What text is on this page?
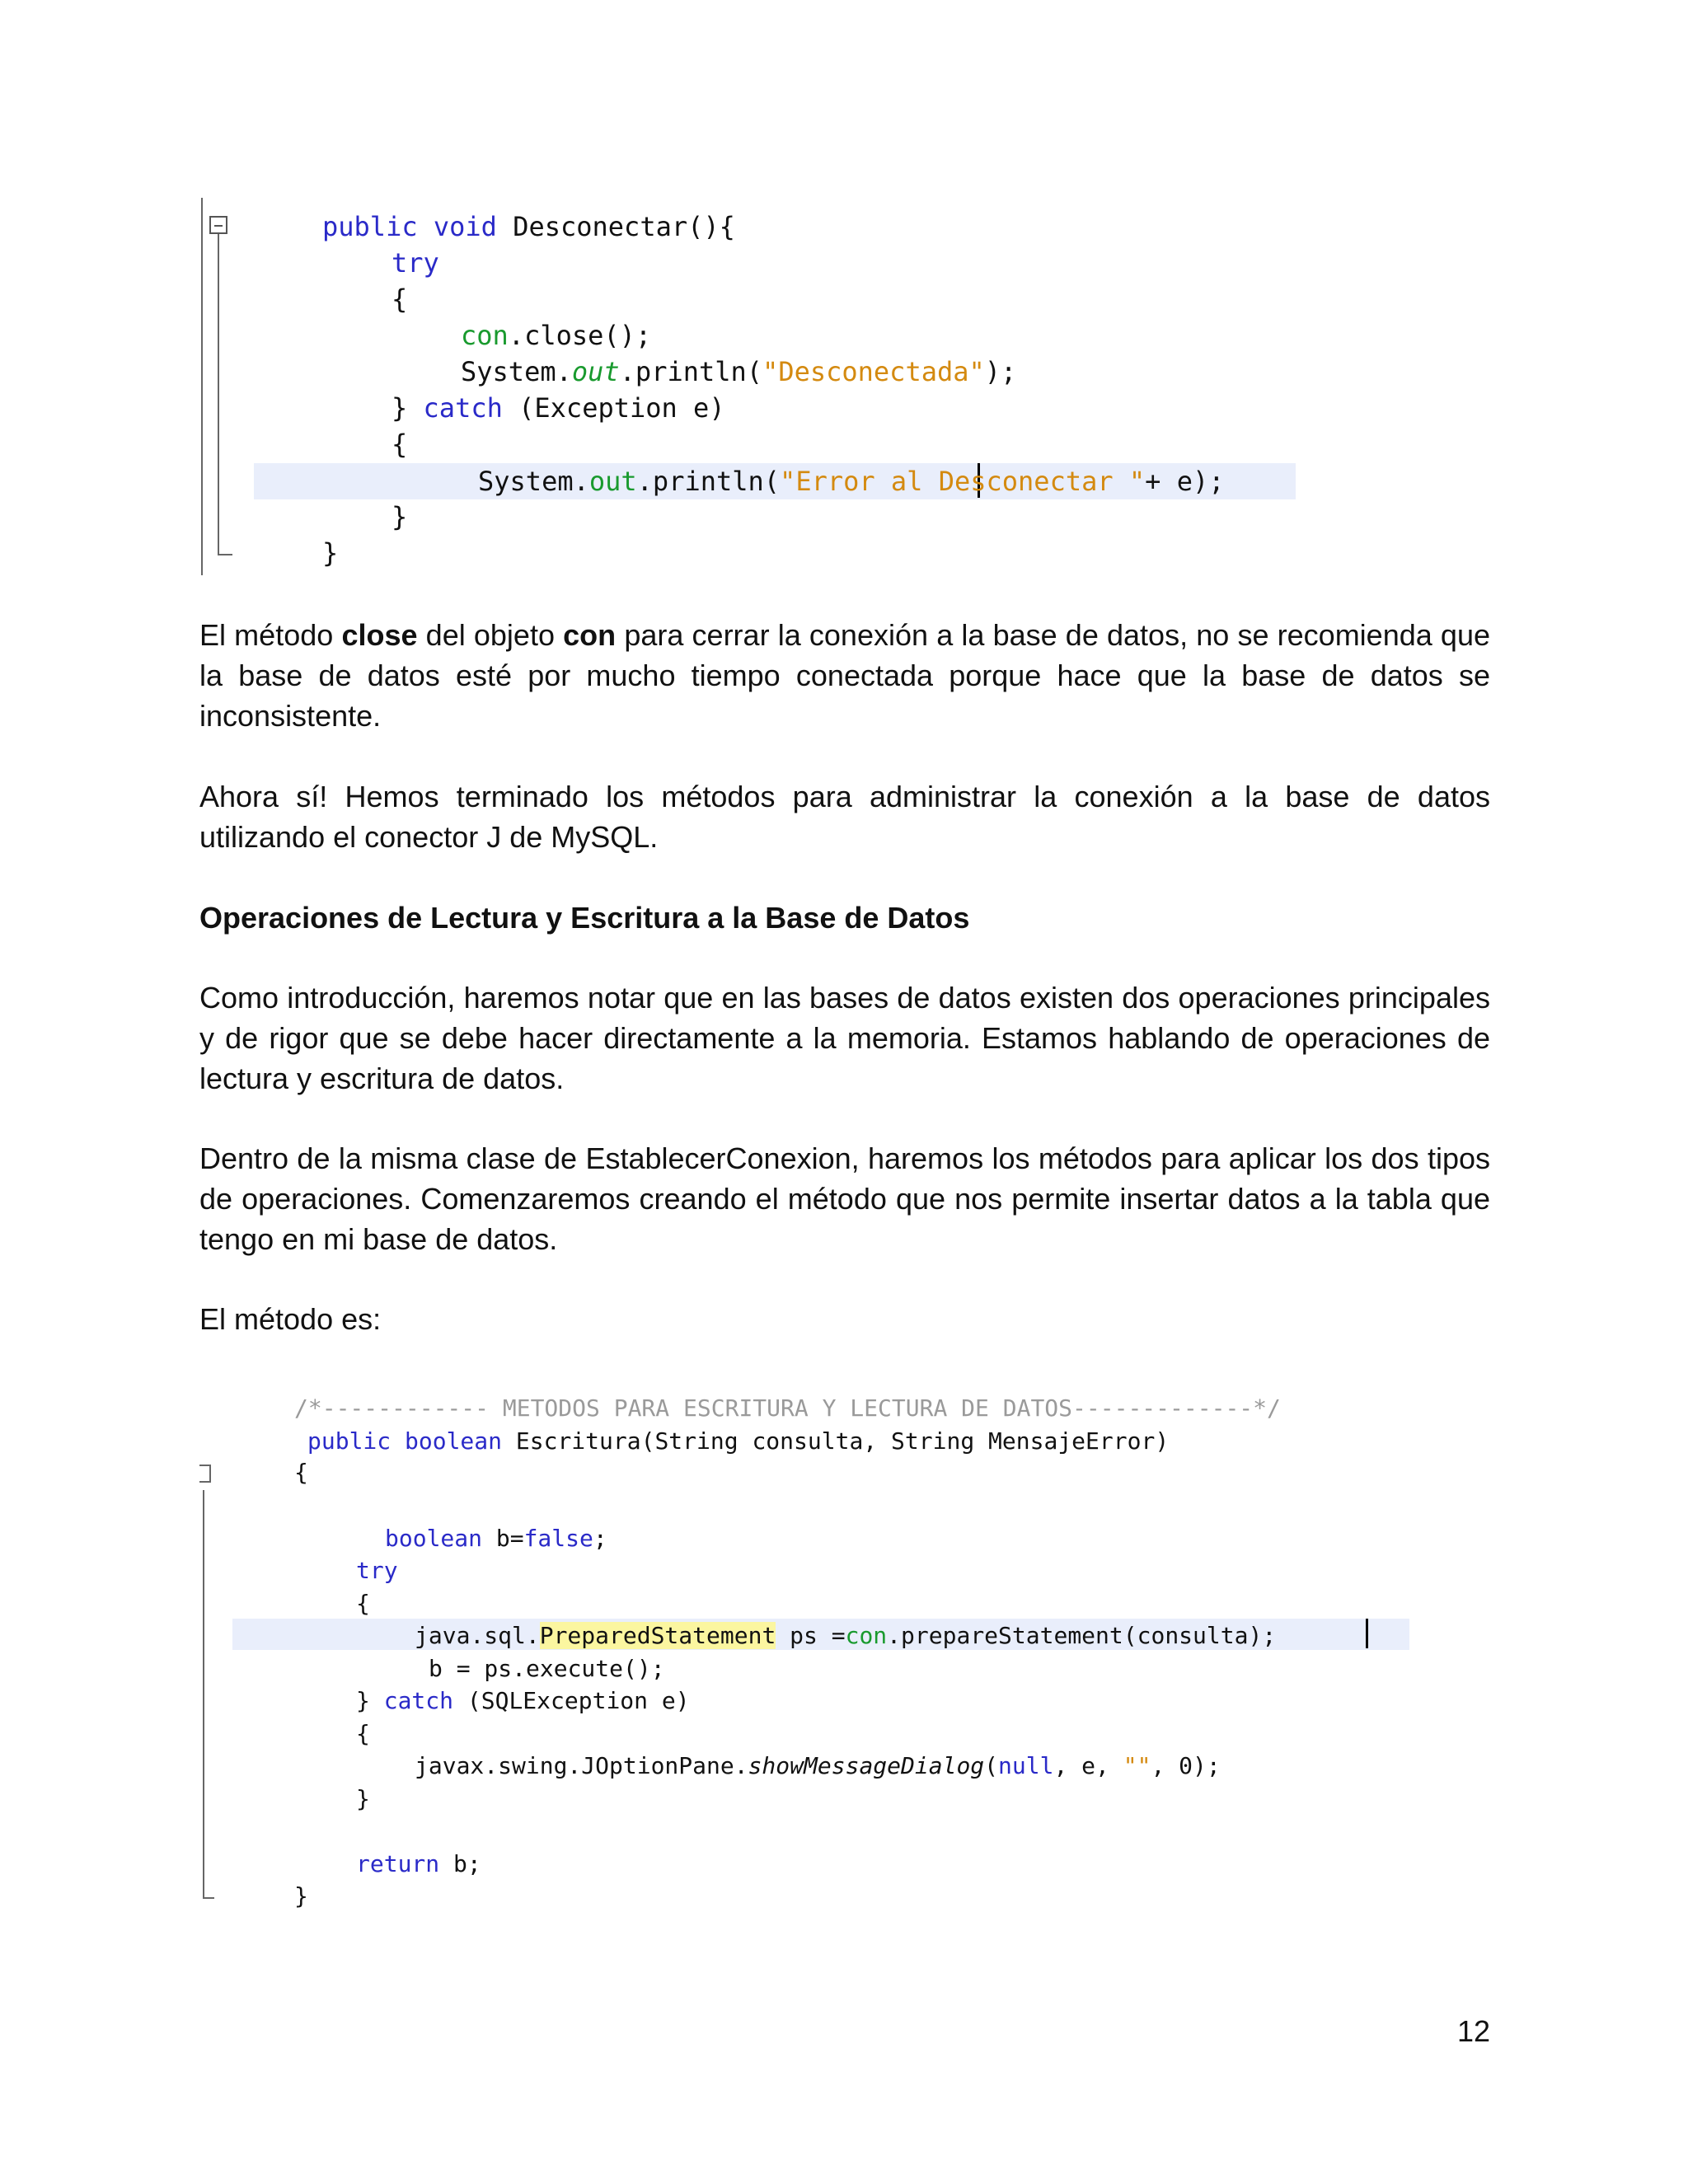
public void Desconectar(){
try
{
con.close();
System.out.println("Desconectada");
} catch (Exception e)
{
System.out.println("Error al Desconectar "+ e);
}
}
El método close del objeto con para cerrar la conexión a la base de datos, no se recomienda que la base de datos esté por mucho tiempo conectada porque hace que la base de datos se inconsistente.
Ahora sí! Hemos terminado los métodos para administrar la conexión a la base de datos utilizando el conector J de MySQL.
Operaciones de Lectura y Escritura a la Base de Datos
Como introducción, haremos notar que en las bases de datos existen dos operaciones principales y de rigor que se debe hacer directamente a la memoria. Estamos hablando de operaciones de lectura y escritura de datos.
Dentro de la misma clase de EstablecerConexion, haremos los métodos para aplicar los dos tipos de operaciones. Comenzaremos creando el método que nos permite insertar datos a la tabla que tengo en mi base de datos.
El método es:
/*------------ METODOS PARA ESCRITURA Y LECTURA DE DATOS-------------*/
public boolean Escritura(String consulta, String MensajeError)
{
boolean b=false;
try
{
java.sql.PreparedStatement ps =con.prepareStatement(consulta);
b = ps.execute();
} catch (SQLException e)
{
javax.swing.JOptionPane.showMessageDialog(null, e, "", 0);
}
return b;
}
12
